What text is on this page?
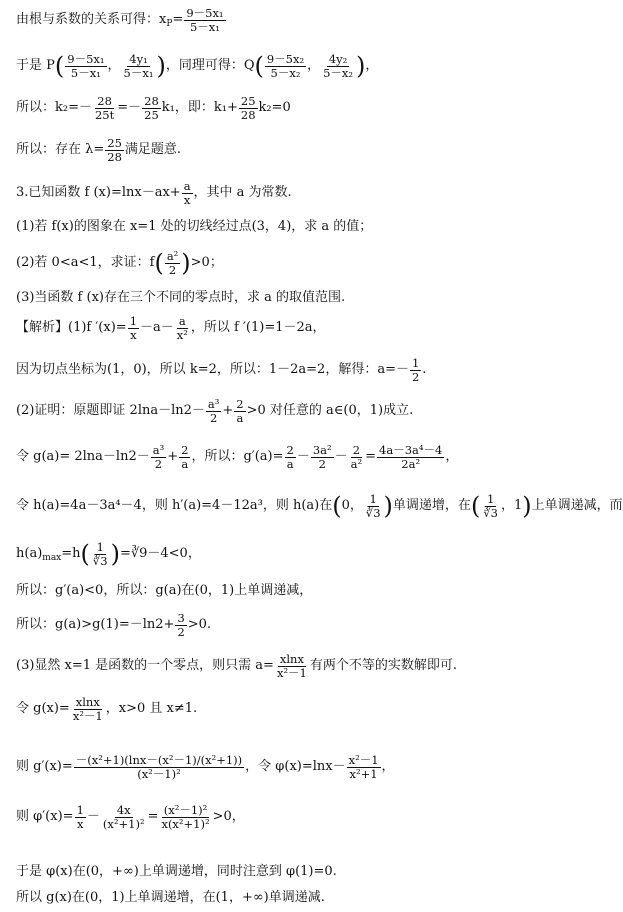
由根与系数的关系可得：x $P = \frac{\text{9－5x₁}}{\text{5－x₁}}$
于是 P ( $\frac{\text{9－5x₁}}{\text{5－x₁}}$ ， $\frac{\text{4y₁}}{\text{5－x₁}}$ ) ，同理可得：Q ( $\frac{\text{9－5x₂}}{\text{5－x₂}}$ ， $\frac{\text{4y₂}}{\text{5－x₂}}$ ) ，
所以：$k_2=- \frac{28}{25t} =- \frac{28}{25} k_1$，即：$k_1+ \frac{25}{28} k_2=0$
所以：存在 $\lambda= \frac{25}{28}$ 满足题意.
3.已知函数 f $(x)=\ln x-ax+ \frac{a}{x}$ ，其中 a 为常数.
(1)若 f(x)的图象在 x=1 处的切线经过点(3，4)，求 a 的值；
(2)若 0<a<1，求证：f ( $\frac{\text{a²}}{2}$ ) >0；
(3)当函数 f (x)存在三个不同的零点时，求 a 的取值范围.
【解析】(1)f $'(x)= \frac{1}{x} -a- \frac{a}{\text{x²}}$ ，所以 f ′(1)=1－2a，
因为切点坐标为(1，0)，所以 k=2，所以：1－2a=2，解得：$a=- \frac{1}{2}$ .
(2)证明：原题即证 $2\ln a-\ln 2- \frac{\text{a³}}{2} + \frac{2}{a} >0$ 对任意的 a∈(0，1)成立.
令 $g(a)= 2\ln a-\ln 2- \frac{\text{a³}}{2} + \frac{2}{a}$ ，所以：$g'(a)= \frac{2}{a} - \frac{\text{3a²}}{2} - \frac{2}{\text{a²}} = \frac{\text{4a－3a⁴－4}}{\text{2a²}}$ ，
令 h(a)=4a－3a⁴－4，则 h′(a)=4－12a³，则 h(a)在 ( 0， $\frac{1}{∛3}$ ) 单调递增，在 ( $\frac{1}{∛3}$ ，1 ) 上单调递减，而
h(a) max =h ( $\frac{1}{∛3}$ ) =∛9－4<0，
所以：g′(a)<0，所以：g(a)在(0，1)上单调递减，
所以：$g(a)>g(1)=-\ln 2+ \frac{3}{2} >0$.
(3)显然 x=1 是函数的一个零点，则只需 $a= \frac{xlnx}{\text{x²－1}}$ 有两个不等的实数解即可.
令 $g(x)= \frac{xlnx}{\text{x²－1}}$ ，x>0 且 x≠1.
则 $g'(x)= \frac{\text{－(x²+1)(lnx－(x²－1)/(x²+1))}}{\text{(x²－1)²}}$ ，令 $\varphi(x)=\ln x- \frac{\text{x²－1}}{\text{x²+1}}$ ，
则 $\varphi'(x)= \frac{1}{x} - \frac{4x}{\text{(x²+1)²}} = \frac{\text{(x²－1)²}}{\text{x(x²+1)²}} >0$，
于是 φ(x)在(0，+∞)上单调递增，同时注意到 φ(1)=0.
所以 g(x)在(0，1)上单调递增，在(1，+∞)单调递减.
